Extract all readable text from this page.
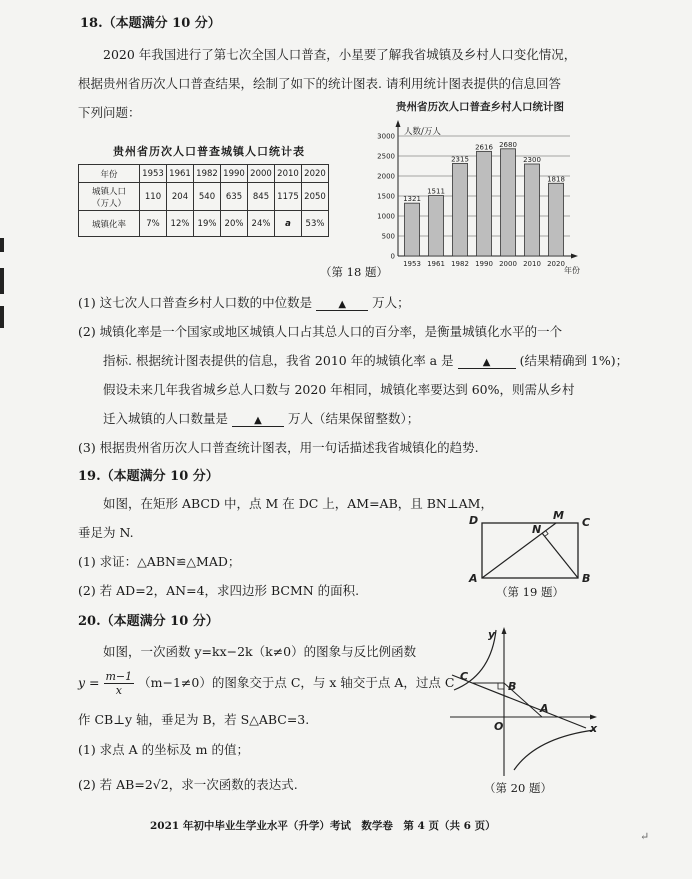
18.（本题满分 10 分）
2020 年我国进行了第七次全国人口普查，小星要了解我省城镇及乡村人口变化情况，
根据贵州省历次人口普查结果，绘制了如下的统计图表. 请利用统计图表提供的信息回答
下列问题：
贵州省历次人口普查城镇人口统计表
年份	1953	1961	1982	1990	2000	2010	2020

城镇人口
（万人）	110	204	540	635	845	1175	2050
城镇化率	7%	12%	19%	20%	24%	a	53%
贵州省历次人口普查乡村人口统计图
人数/万人
年份
0
500
1000
1500
2000
2500
3000
1321
1511
2315
2616 2680
2300
1818
1953 1961 1982 1990 2000 2010 2020
（第 18 题）
(1) 这七次人口普查乡村人口数的中位数是	▲ 万人；
(2) 城镇化率是一个国家或地区城镇人口占其总人口的百分率，是衡量城镇化水平的一个
指标. 根据统计图表提供的信息，我省 2010 年的城镇化率 a 是	▲ (结果精确到 1%)；
假设未来几年我省城乡总人口数与 2020 年相同，城镇化率要达到 60%，则需从乡村
迁入城镇的人口数量是	▲ 万人（结果保留整数）；
(3) 根据贵州省历次人口普查统计图表，用一句话描述我省城镇化的趋势.
19.（本题满分 10 分）
如图，在矩形 ABCD 中，点 M 在 DC 上，AM=AB，且 BN⊥AM，
垂足为 N.
(1) 求证：△ABN≌△MAD；
(2) 若 AD=2，AN=4，求四边形 BCMN 的面积.
D	M
C
N
A	B
（第 19 题）
20.（本题满分 10 分）
如图，一次函数 y=kx−2k（k≠0）的图象与反比例函数
$y = \frac{m-1}{x} (m-1\ne 0)$的图象交于点 C，与 x 轴交于点 A，过点 C
作 CB⊥y 轴，垂足为 B，若 S△ABC=3.
(1) 求点 A 的坐标及 m 的值；
(2) 若 AB=2√2，求一次函数的表达式.
y
x
C
B
O
A
（第 20 题）
2021 年初中毕业生学业水平（升学）考试　数学卷　第 4 页（共 6 页）
↵
